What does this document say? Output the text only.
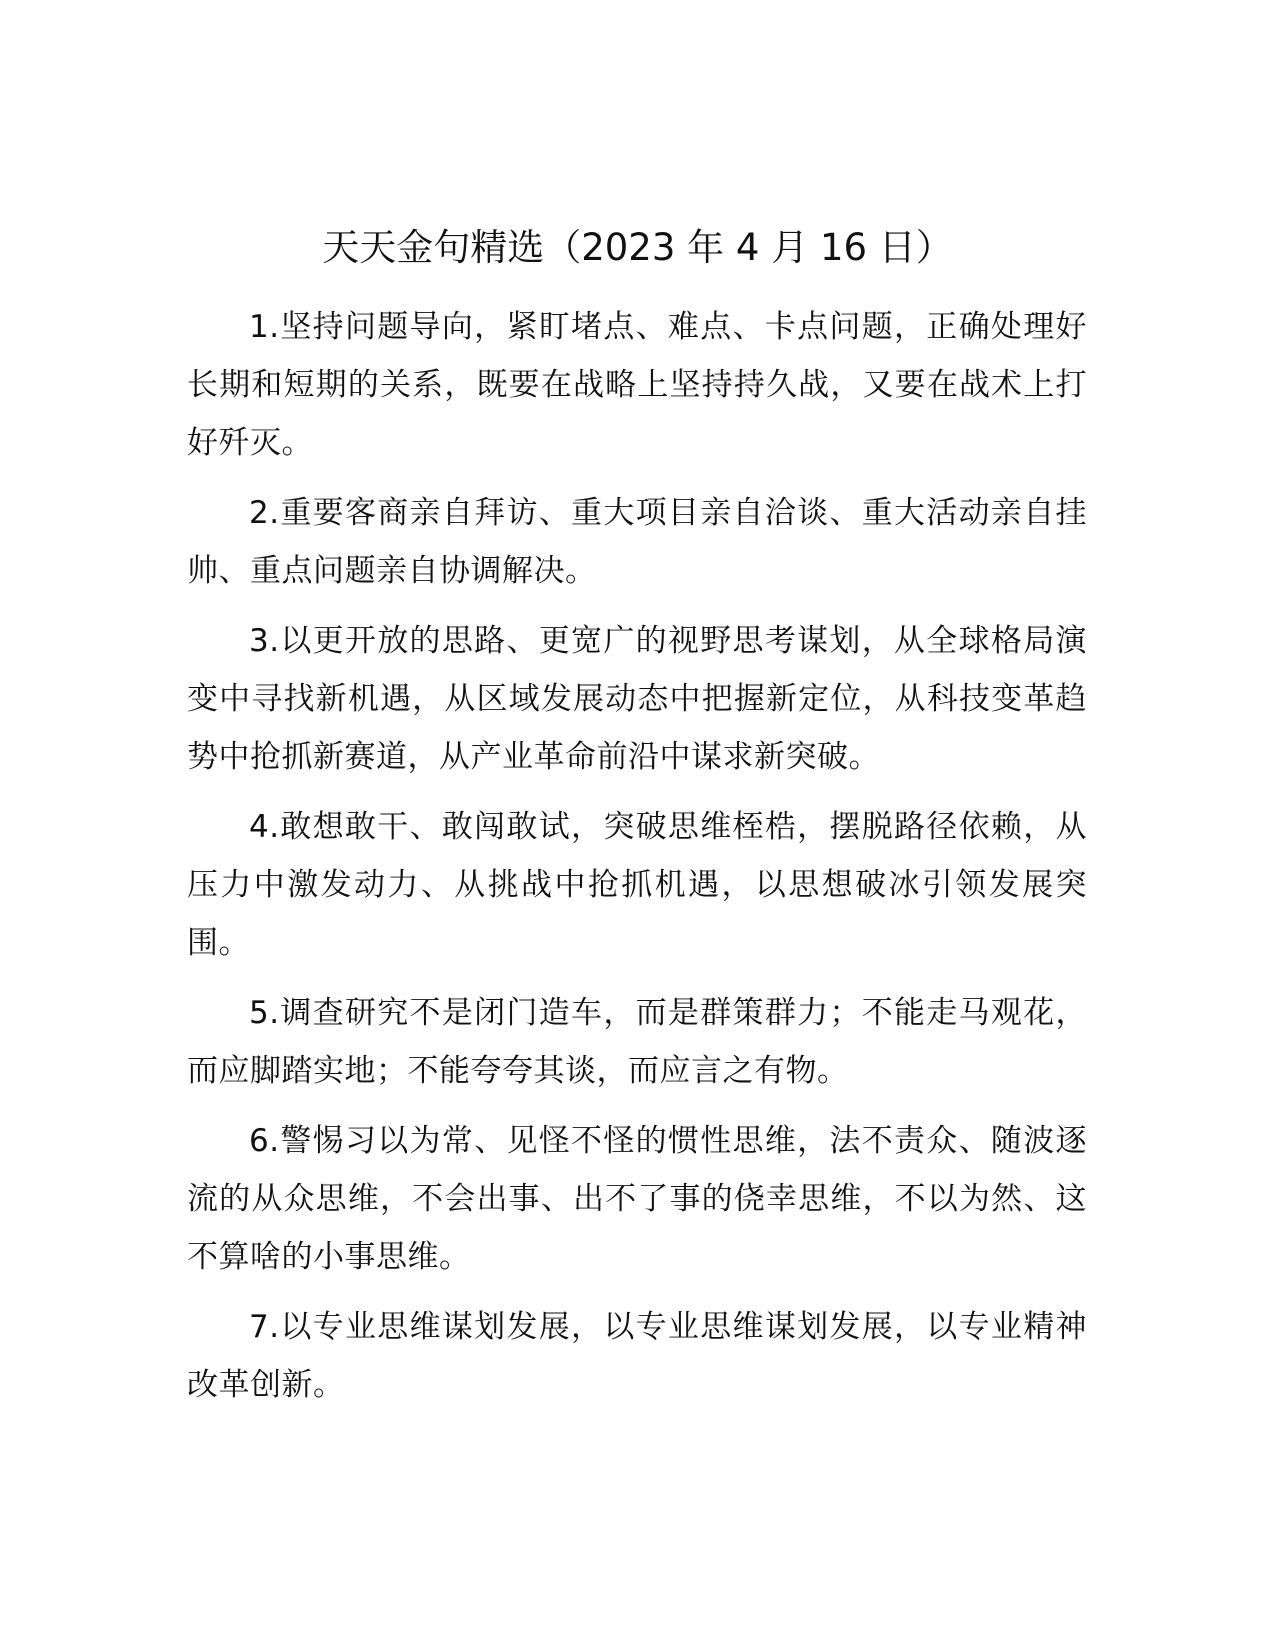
天天金句精选（2023 年 4 月 16 日）

1.坚持问题导向，紧盯堵点、难点、卡点问题，正确处理好长期和短期的关系，既要在战略上坚持持久战，又要在战术上打好歼灭。

2.重要客商亲自拜访、重大项目亲自洽谈、重大活动亲自挂帅、重点问题亲自协调解决。

3.以更开放的思路、更宽广的视野思考谋划，从全球格局演变中寻找新机遇，从区域发展动态中把握新定位，从科技变革趋势中抢抓新赛道，从产业革命前沿中谋求新突破。

4.敢想敢干、敢闯敢试，突破思维桎梏，摆脱路径依赖，从压力中激发动力、从挑战中抢抓机遇，以思想破冰引领发展突围。

5.调查研究不是闭门造车，而是群策群力；不能走马观花，而应脚踏实地；不能夸夸其谈，而应言之有物。

6.警惕习以为常、见怪不怪的惯性思维，法不责众、随波逐流的从众思维，不会出事、出不了事的侥幸思维，不以为然、这不算啥的小事思维。

7.以专业思维谋划发展，以专业思维谋划发展，以专业精神改革创新。
